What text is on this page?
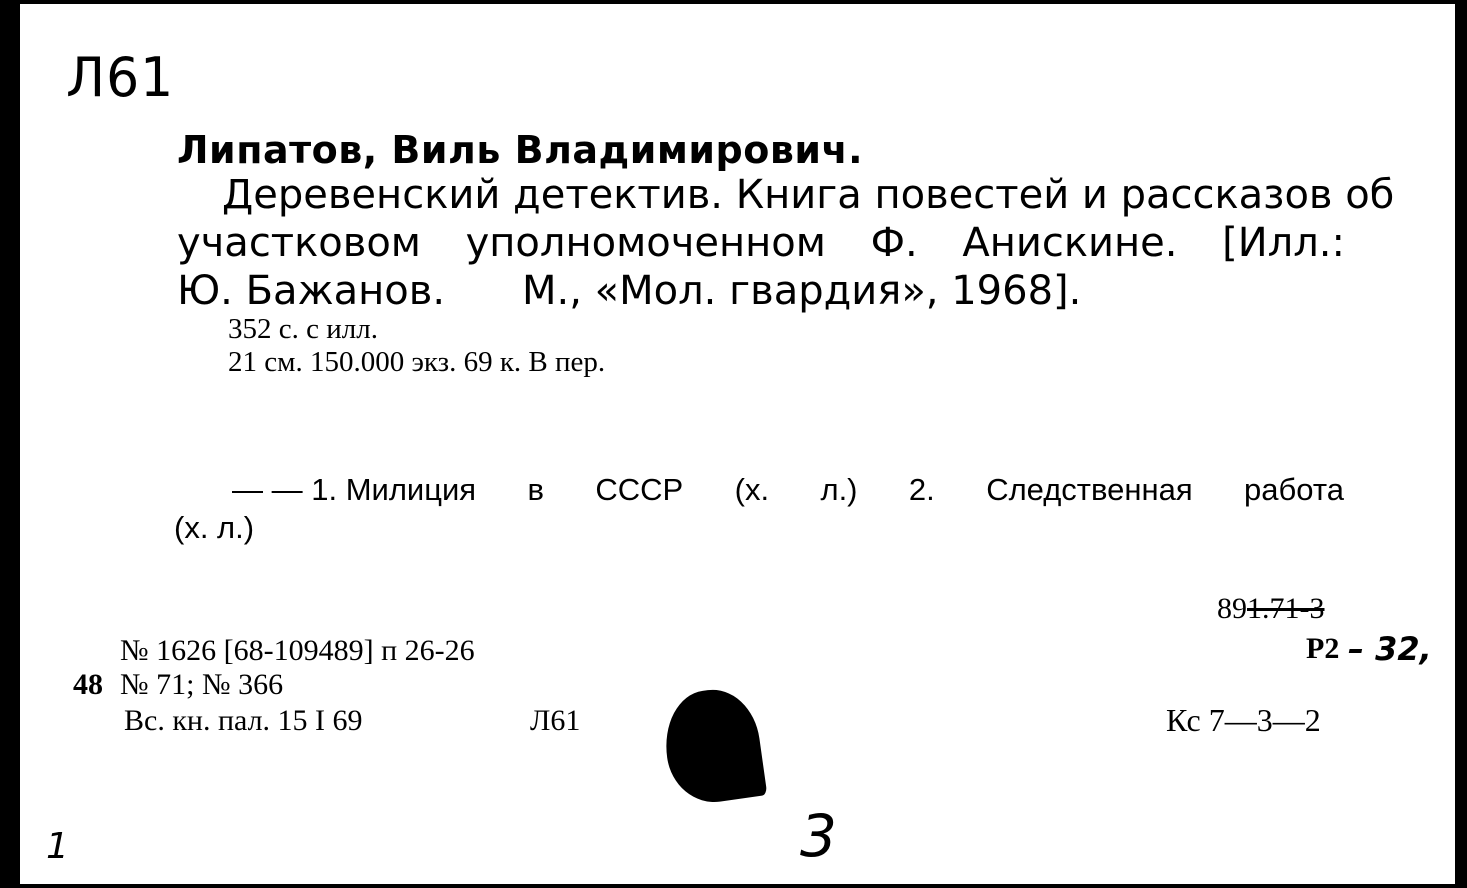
Л61
Липатов, Виль Владимирович.
Деревенский детектив. Книга повестей и рассказов об
участковом уполномоченном Ф. Анискине. [Илл.:
Ю. Бажанов. М., «Мол. гвардия», 1968].
352 с. с илл.
21 см. 150.000 экз. 69 к. В пер.
— — 1. Милиция в СССР (х. л.) 2. Следственная работа
(х. л.)
891.71-3
Р2 – 32,
№ 1626 [68-109489] п 26-26
48 № 71; № 366
Вс. кн. пал. 15 I 69	Л61	Кс 7—3—2
1	3
